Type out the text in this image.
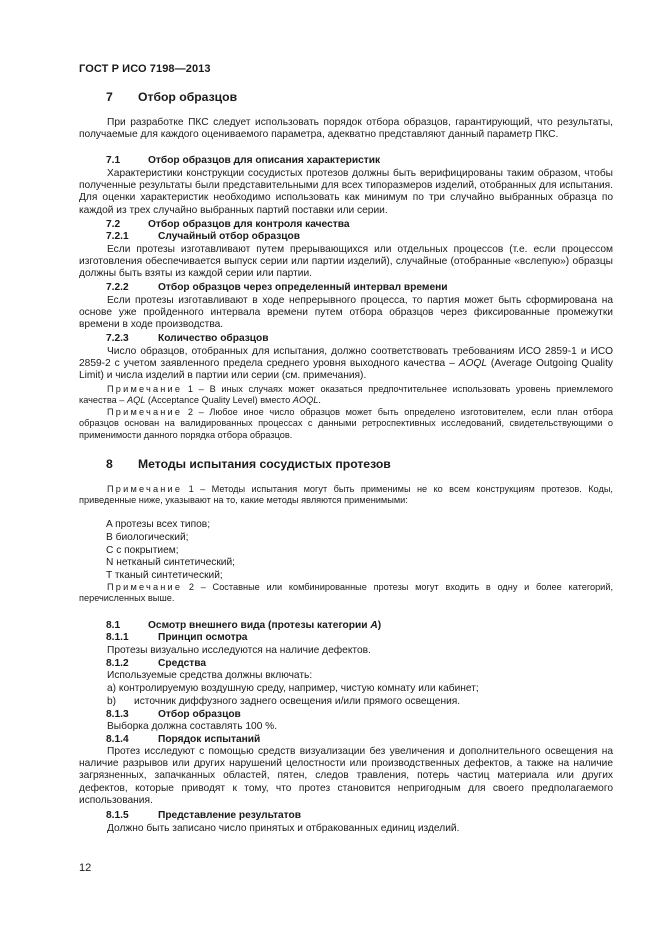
ГОСТ Р ИСО 7198—2013
7 Отбор образцов
При разработке ПКС следует использовать порядок отбора образцов, гарантирующий, что результаты, получаемые для каждого оцениваемого параметра, адекватно представляют данный параметр ПКС.
7.1	Отбор образцов для описания характеристик
Характеристики конструкции сосудистых протезов должны быть верифицированы таким образом, чтобы полученные результаты были представительными для всех типоразмеров изделий, отобранных для испытания. Для оценки характеристик необходимо использовать как минимум по три случайно выбранных образца по каждой из трех случайно выбранных партий поставки или серии.
7.2	Отбор образцов для контроля качества
7.2.1	Случайный отбор образцов
Если протезы изготавливают путем прерывающихся или отдельных процессов (т.е. если процессом изготовления обеспечивается выпуск серии или партии изделий), случайные (отобранные «вслепую») образцы должны быть взяты из каждой серии или партии.
7.2.2	Отбор образцов через определенный интервал времени
Если протезы изготавливают в ходе непрерывного процесса, то партия может быть сформирована на основе уже пройденного интервала времени путем отбора образцов через фиксированные промежутки времени в ходе производства.
7.2.3	Количество образцов
Число образцов, отобранных для испытания, должно соответствовать требованиям ИСО 2859-1 и ИСО 2859-2 с учетом заявленного предела среднего уровня выходного качества – AOQL (Average Outgoing Quality Limit) и числа изделий в партии или серии (см. примечания).
Примечание 1 – В иных случаях может оказаться предпочтительнее использовать уровень приемлемого качества – AQL (Acceptance Quality Level) вместо AOQL.
Примечание 2 – Любое иное число образцов может быть определено изготовителем, если план отбора образцов основан на валидированных процессах с данными ретроспективных исследований, свидетельствующими о применимости данного порядка отбора образцов.
8 Методы испытания сосудистых протезов
Примечание 1 – Методы испытания могут быть применимы не ко всем конструкциям протезов. Коды, приведенные ниже, указывают на то, какие методы являются применимыми:
A протезы всех типов;
B биологический;
C с покрытием;
N нетканый синтетический;
T тканый синтетический;
Примечание 2 – Составные или комбинированные протезы могут входить в одну и более категорий, перечисленных выше.
8.1	Осмотр внешнего вида (протезы категории A)
8.1.1	Принцип осмотра
Протезы визуально исследуются на наличие дефектов.
8.1.2	Средства
Используемые средства должны включать:
a) контролируемую воздушную среду, например, чистую комнату или кабинет;
b) источник диффузного заднего освещения и/или прямого освещения.
8.1.3	Отбор образцов
Выборка должна составлять 100 %.
8.1.4	Порядок испытаний
Протез исследуют с помощью средств визуализации без увеличения и дополнительного освещения на наличие разрывов или других нарушений целостности или производственных дефектов, а также на наличие загрязненных, запачканных областей, пятен, следов травления, потерь частиц материала или других дефектов, которые приводят к тому, что протез становится непригодным для своего предполагаемого использования.
8.1.5	Представление результатов
Должно быть записано число принятых и отбракованных единиц изделий.
12
